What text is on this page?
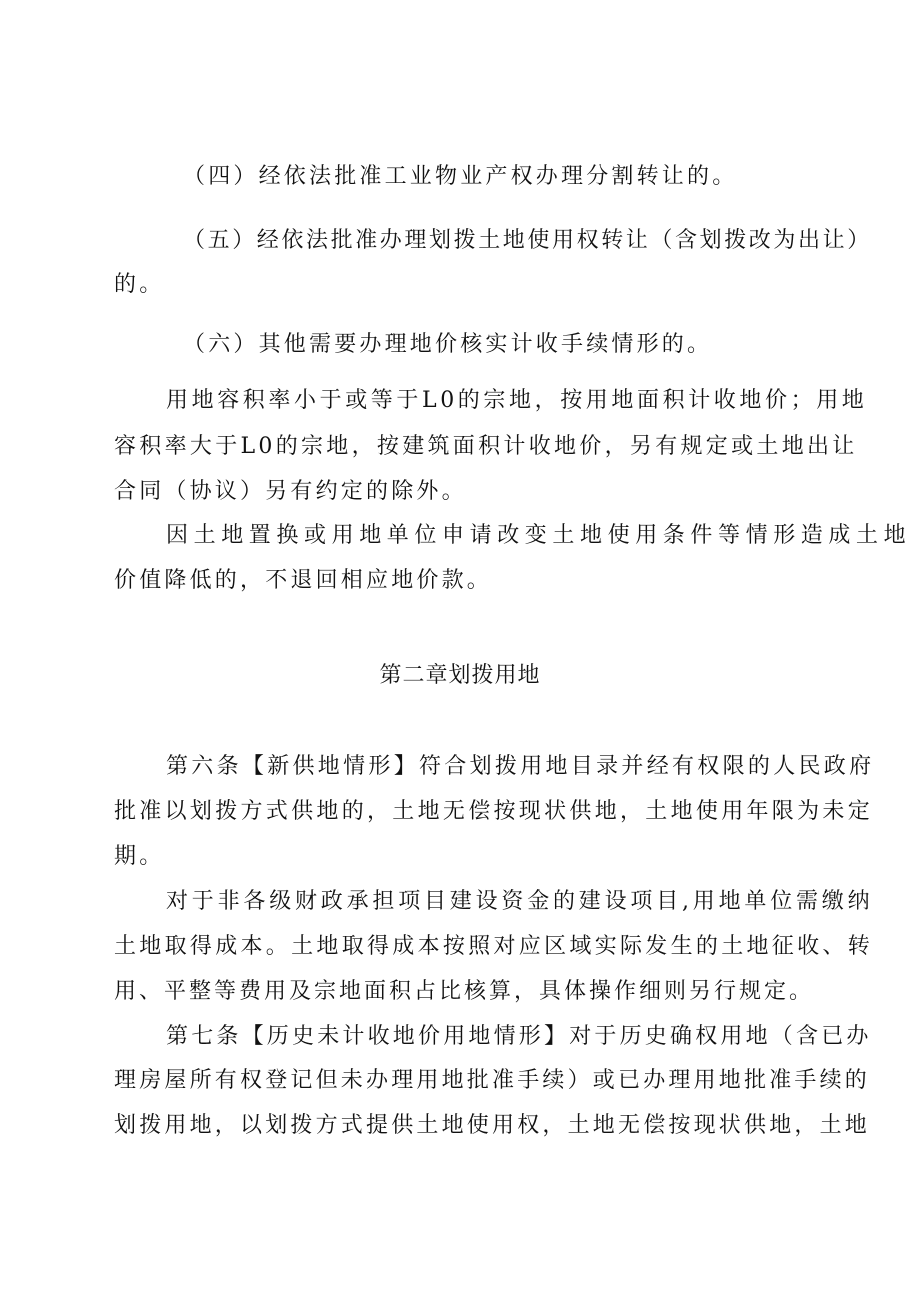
（四）经依法批准工业物业产权办理分割转让的。

（五）经依法批准办理划拨土地使用权转让（含划拨改为出让）

的。

（六）其他需要办理地价核实计收手续情形的。

用地容积率小于或等于L0的宗地，按用地面积计收地价；用地

容积率大于L0的宗地，按建筑面积计收地价，另有规定或土地出让

合同（协议）另有约定的除外。

因土地置换或用地单位申请改变土地使用条件等情形造成土地

价值降低的，不退回相应地价款。

第二章划拨用地

第六条【新供地情形】符合划拨用地目录并经有权限的人民政府

批准以划拨方式供地的，土地无偿按现状供地，土地使用年限为未定

期。

对于非各级财政承担项目建设资金的建设项目,用地单位需缴纳

土地取得成本。土地取得成本按照对应区域实际发生的土地征收、转

用、平整等费用及宗地面积占比核算，具体操作细则另行规定。

第七条【历史未计收地价用地情形】对于历史确权用地（含已办

理房屋所有权登记但未办理用地批准手续）或已办理用地批准手续的

划拨用地，以划拨方式提供土地使用权，土地无偿按现状供地，土地
